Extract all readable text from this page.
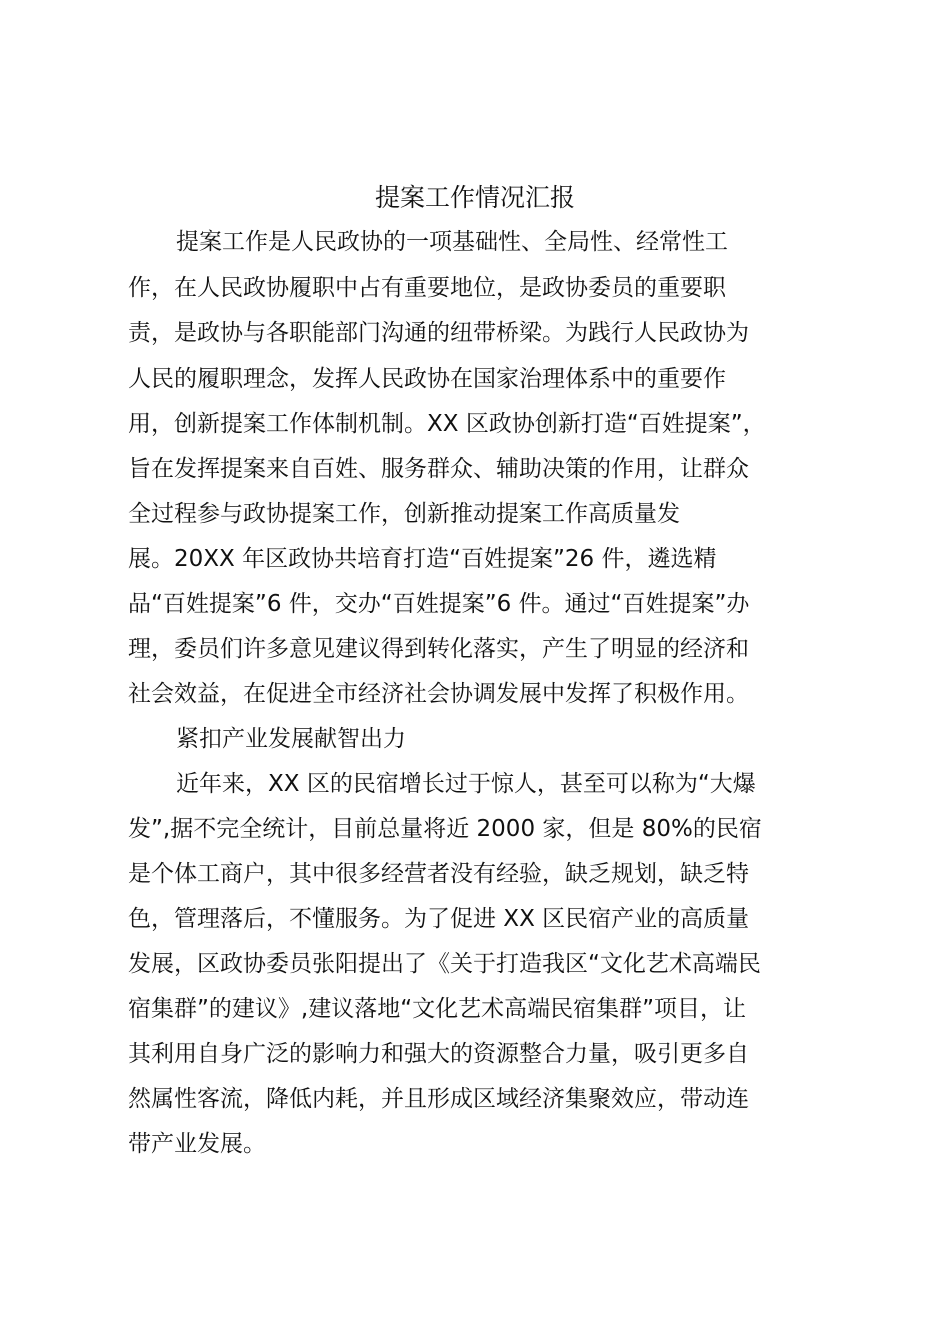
提案工作情况汇报
提案工作是人民政协的一项基础性、全局性、经常性工
作，在人民政协履职中占有重要地位，是政协委员的重要职
责，是政协与各职能部门沟通的纽带桥梁。为践行人民政协为
人民的履职理念，发挥人民政协在国家治理体系中的重要作
用，创新提案工作体制机制。XX 区政协创新打造“百姓提案”，
旨在发挥提案来自百姓、服务群众、辅助决策的作用，让群众
全过程参与政协提案工作，创新推动提案工作高质量发
展。20XX 年区政协共培育打造“百姓提案”26 件，遴选精
品“百姓提案”6 件，交办“百姓提案”6 件。通过“百姓提案”办
理，委员们许多意见建议得到转化落实，产生了明显的经济和
社会效益，在促进全市经济社会协调发展中发挥了积极作用。
紧扣产业发展献智出力
近年来，XX 区的民宿增长过于惊人，甚至可以称为“大爆
发”,据不完全统计，目前总量将近 2000 家，但是 80%的民宿
是个体工商户，其中很多经营者没有经验，缺乏规划，缺乏特
色，管理落后，不懂服务。为了促进 XX 区民宿产业的高质量
发展，区政协委员张阳提出了《关于打造我区“文化艺术高端民
宿集群”的建议》,建议落地“文化艺术高端民宿集群”项目，让
其利用自身广泛的影响力和强大的资源整合力量，吸引更多自
然属性客流，降低内耗，并且形成区域经济集聚效应，带动连
带产业发展。
